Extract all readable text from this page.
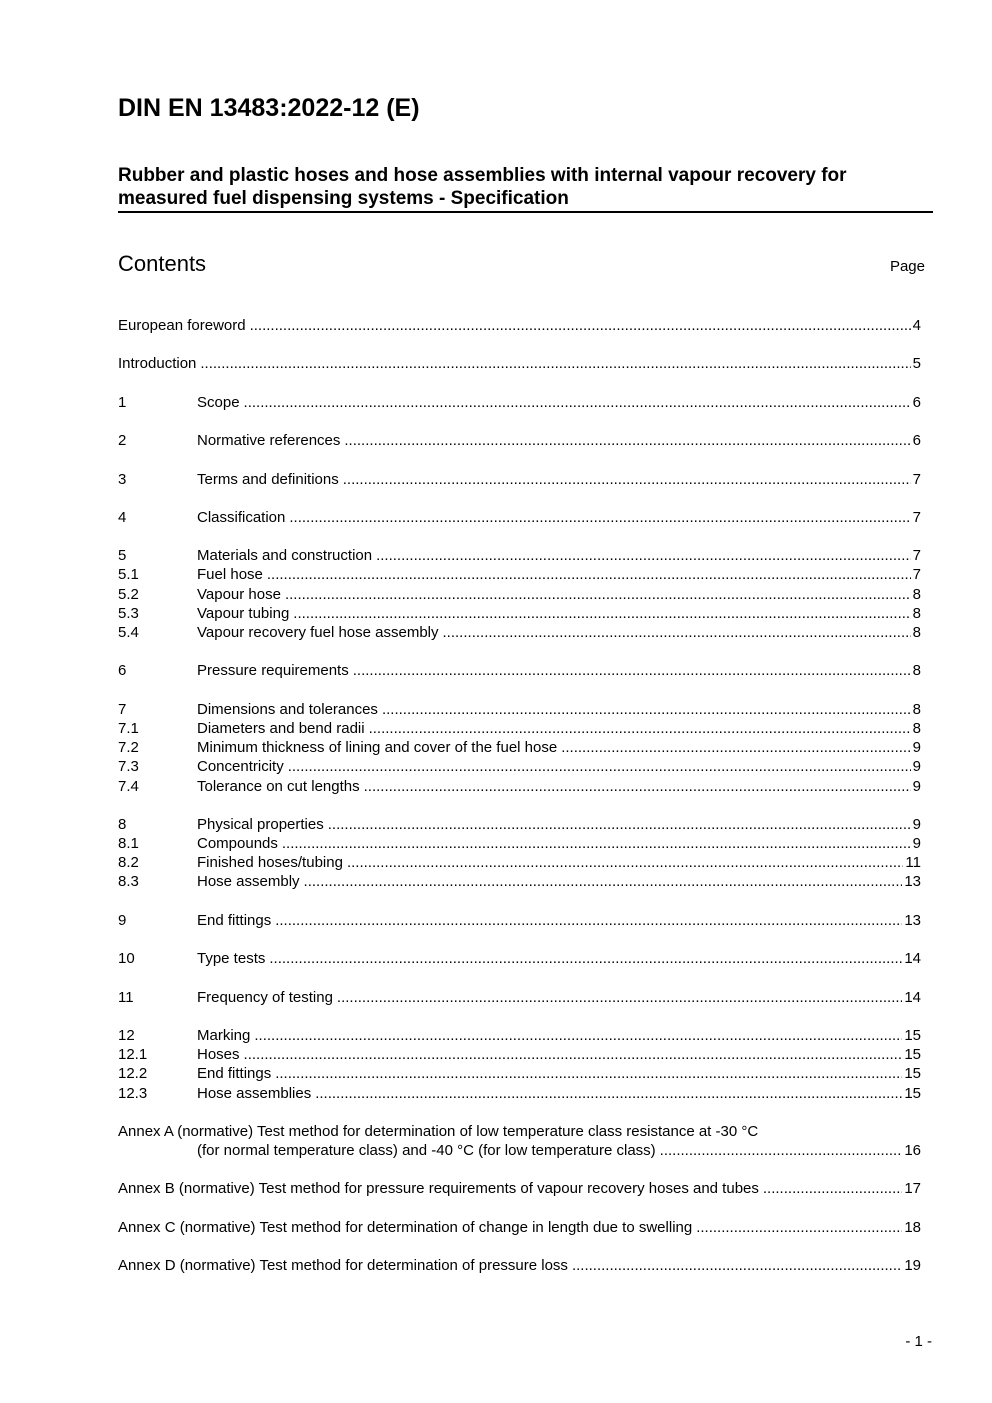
DIN EN 13483:2022-12 (E)
Rubber and plastic hoses and hose assemblies with internal vapour recovery for
measured fuel dispensing systems - Specification
Contents	Page
European foreword .....	4
Introduction .....	5
1	Scope .....	6
2	Normative references .....	6
3	Terms and definitions .....	7
4	Classification .....	7
5	Materials and construction .....	7
5.1	Fuel hose .....	7
5.2	Vapour hose .....	8
5.3	Vapour tubing .....	8
5.4	Vapour recovery fuel hose assembly .....	8
6	Pressure requirements .....	8
7	Dimensions and tolerances .....	8
7.1	Diameters and bend radii .....	8
7.2	Minimum thickness of lining and cover of the fuel hose .....	9
7.3	Concentricity .....	9
7.4	Tolerance on cut lengths .....	9
8	Physical properties .....	9
8.1	Compounds .....	9
8.2	Finished hoses/tubing .....	11
8.3	Hose assembly .....	13
9	End fittings .....	13
10	Type tests .....	14
11	Frequency of testing .....	14
12	Marking .....	15
12.1	Hoses .....	15
12.2	End fittings .....	15
12.3	Hose assemblies .....	15
Annex A (normative) Test method for determination of low temperature class resistance at -30 °C
(for normal temperature class) and -40 °C (for low temperature class) .....	16
Annex B (normative) Test method for pressure requirements of vapour recovery hoses and tubes .....	17
Annex C (normative) Test method for determination of change in length due to swelling .....	18
Annex D (normative) Test method for determination of pressure loss .....	19
- 1 -
